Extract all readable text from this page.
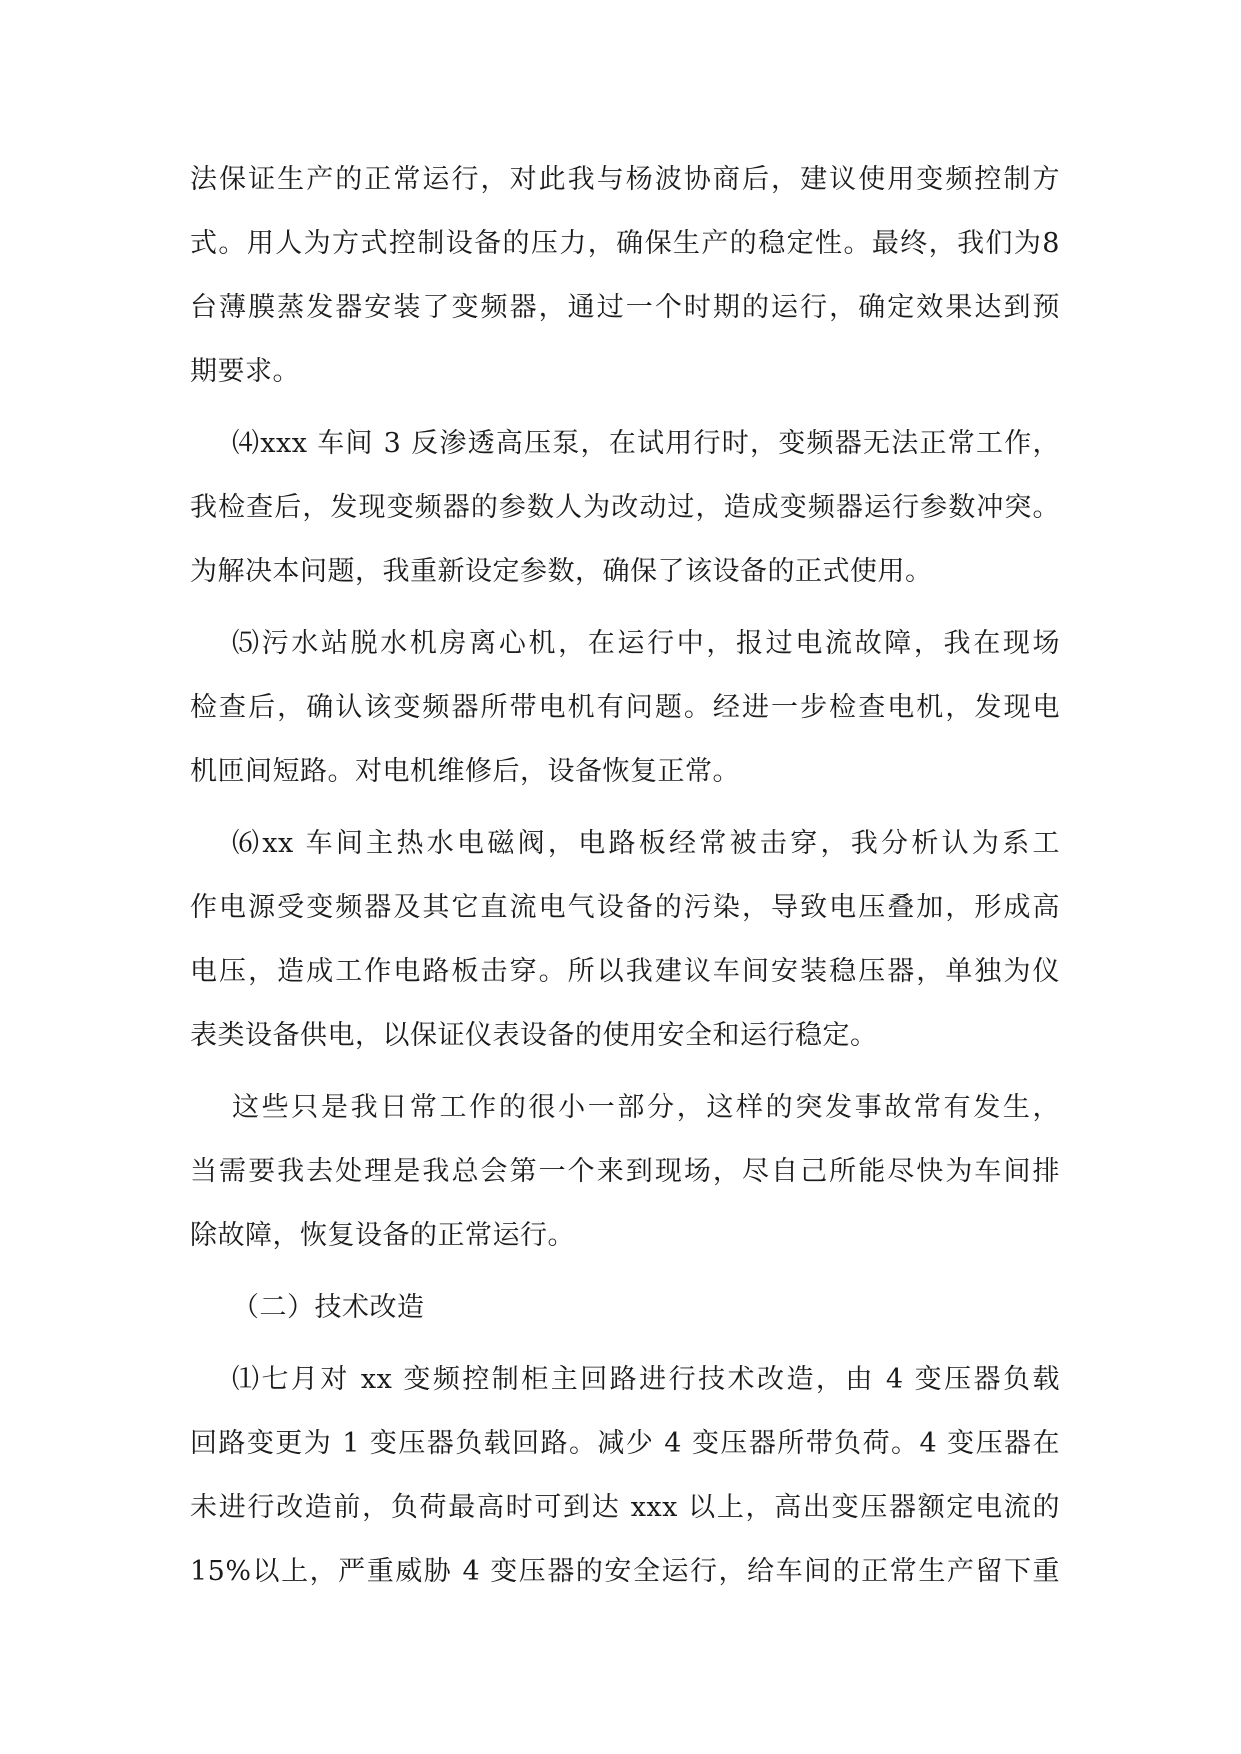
法保证生产的正常运行，对此我与杨波协商后，建议使用变频控制方
式。用人为方式控制设备的压力，确保生产的稳定性。最终，我们为8
台薄膜蒸发器安装了变频器，通过一个时期的运行，确定效果达到预
期要求。
⑷xxx 车间 3 反渗透高压泵，在试用行时，变频器无法正常工作，
我检查后，发现变频器的参数人为改动过，造成变频器运行参数冲突。
为解决本问题，我重新设定参数，确保了该设备的正式使用。
⑸污水站脱水机房离心机，在运行中，报过电流故障，我在现场
检查后，确认该变频器所带电机有问题。经进一步检查电机，发现电
机匝间短路。对电机维修后，设备恢复正常。
⑹xx 车间主热水电磁阀，电路板经常被击穿，我分析认为系工
作电源受变频器及其它直流电气设备的污染，导致电压叠加，形成高
电压，造成工作电路板击穿。所以我建议车间安装稳压器，单独为仪
表类设备供电，以保证仪表设备的使用安全和运行稳定。
这些只是我日常工作的很小一部分，这样的突发事故常有发生，
当需要我去处理是我总会第一个来到现场，尽自己所能尽快为车间排
除故障，恢复设备的正常运行。
（二）技术改造
⑴七月对 xx 变频控制柜主回路进行技术改造，由 4 变压器负载
回路变更为 1 变压器负载回路。减少 4 变压器所带负荷。4 变压器在
未进行改造前，负荷最高时可到达 xxx 以上，高出变压器额定电流的
15%以上，严重威胁 4 变压器的安全运行，给车间的正常生产留下重
